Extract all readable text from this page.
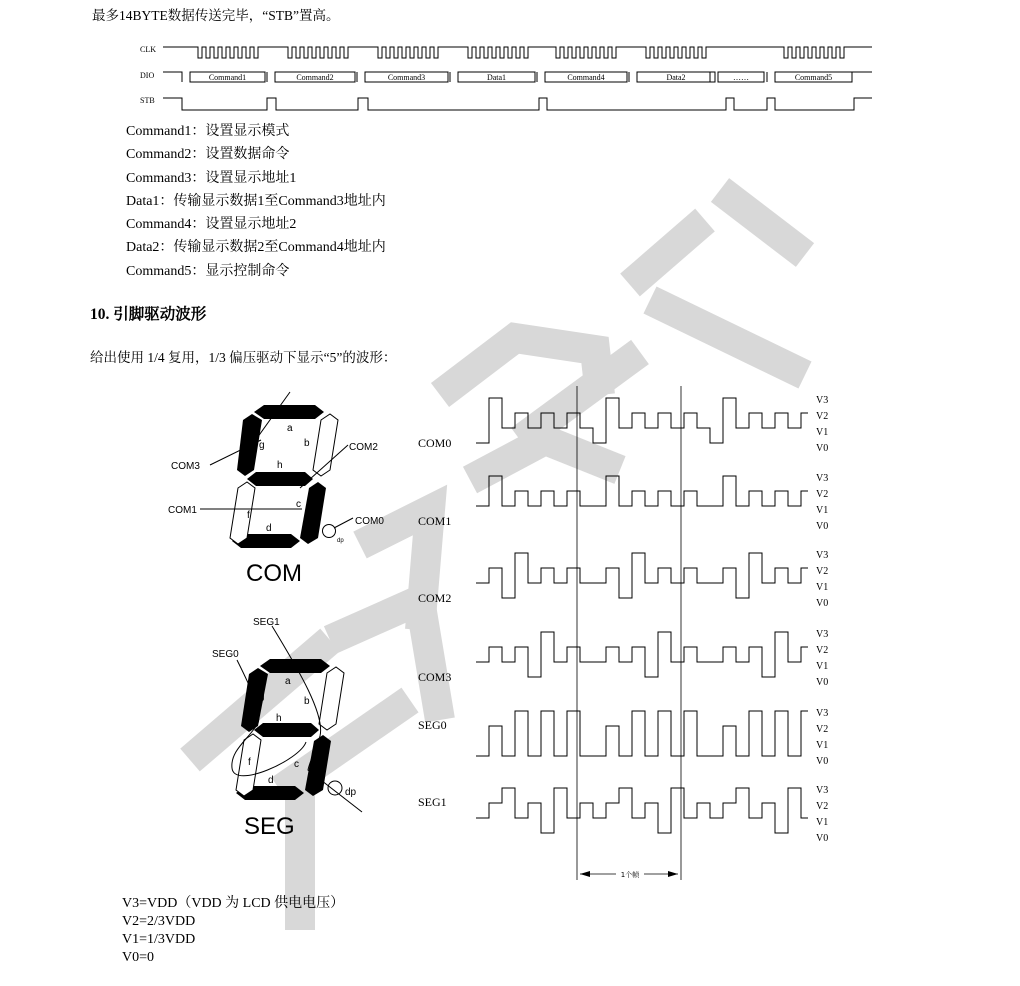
最多14BYTE数据传送完毕，“STB”置高。
CLK
DIO
STB
Command1	Command2	Command3	Data1	Command4	Data2	……	Command5
Command1：设置显示模式
Command2：设置数据命令
Command3：设置显示地址1
Data1：传输显示数据1至Command3地址内
Command4：设置显示地址2
Data2：传输显示数据2至Command4地址内
Command5：显示控制命令
10. 引脚驱动波形
给出使用 1/4 复用，1/3 偏压驱动下显示“5”的波形：
a
b
c
d
f
g
h
dp
COM3
COM2
COM1
COM0
COM
a
b
c
d
f
g
h
dp
SEG0
SEG1
SEG
COM0
COM1
COM2
COM3
SEG0
SEG1
V3
V2
V1
V0
V3
V2
V1
V0
V3
V2
V1
V0
V3
V2
V1
V0
V3
V2
V1
V0
V3
V2
V1
V0
1个帧
V3=VDD（VDD 为 LCD 供电电压）
V2=2/3VDD
V1=1/3VDD
V0=0
